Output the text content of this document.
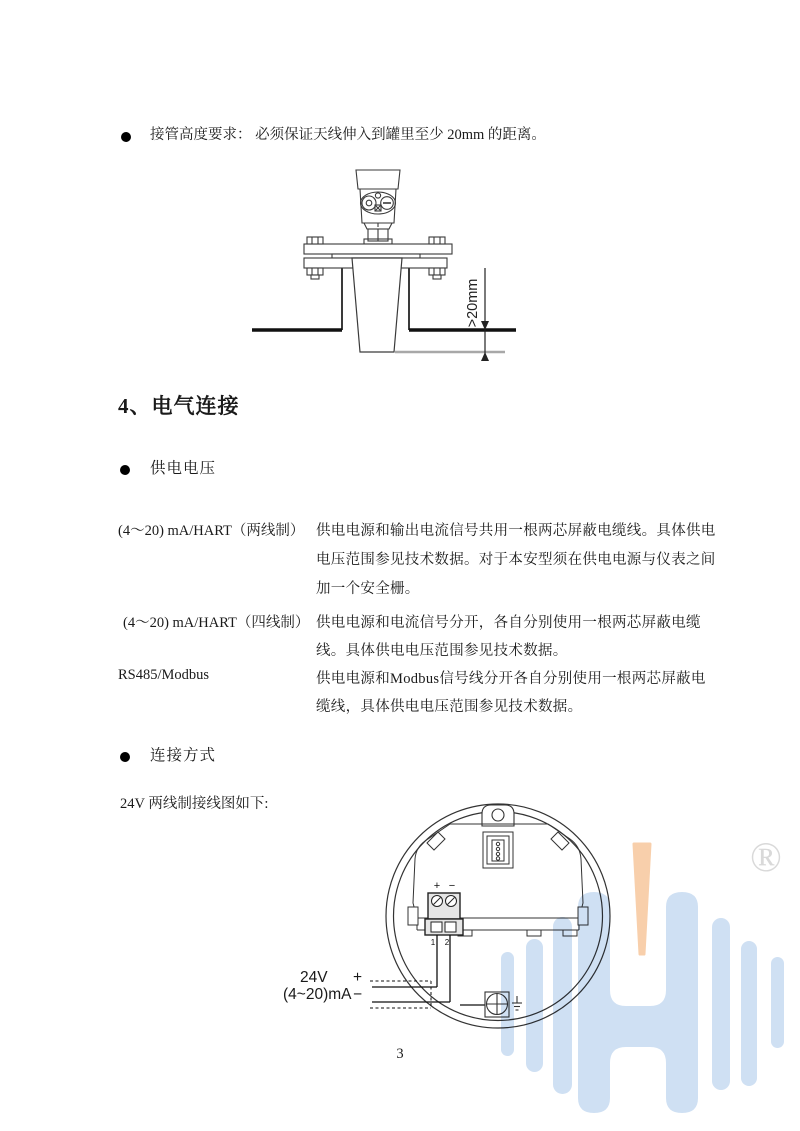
接管高度要求： 必须保证天线伸入到罐里至少 20mm 的距离。
>20mm
4、电气连接
供电电压
(4～20) mA/HART（两线制） 供电电源和输出电流信号共用一根两芯屏蔽电缆线。具体供电
电压范围参见技术数据。对于本安型须在供电电源与仪表之间
加一个安全栅。
(4～20) mA/HART（四线制） 供电电源和电流信号分开，各自分别使用一根两芯屏蔽电缆
线。具体供电电压范围参见技术数据。
RS485/Modbus	供电电源和Modbus信号线分开各自分别使用一根两芯屏蔽电
缆线，具体供电电压范围参见技术数据。
连接方式
24V 两线制接线图如下:
+ −
1 2
24V
(4~20)mA
+
−
3
®
